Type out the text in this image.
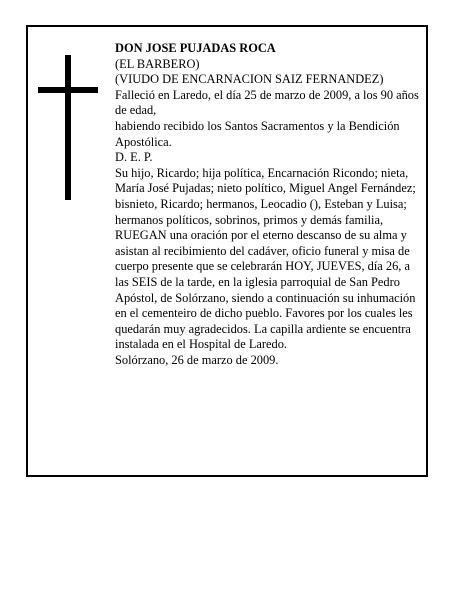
DON JOSE PUJADAS ROCA

(EL BARBERO)

(VIUDO DE ENCARNACION SAIZ FERNANDEZ)

Falleció en Laredo, el día 25 de marzo de 2009, a los 90 años de edad,

habiendo recibido los Santos Sacramentos y la Bendición Apostólica.

D. E. P.

Su hijo, Ricardo; hija política, Encarnación Ricondo; nieta, María José Pujadas; nieto político, Miguel Angel Fernández; bisnieto, Ricardo; hermanos, Leocadio (), Esteban y Luisa; hermanos políticos, sobrinos, primos y demás familia,

RUEGAN una oración por el eterno descanso de su alma y asistan al recibimiento del cadáver, oficio funeral y misa de cuerpo presente que se celebrarán HOY, JUEVES, día 26, a las SEIS de la tarde, en la iglesia parroquial de San Pedro Apóstol, de Solórzano, siendo a continuación su inhumación en el cementeiro de dicho pueblo. Favores por los cuales les quedarán muy agradecidos. La capilla ardiente se encuentra instalada en el Hospital de Laredo.

Solórzano, 26 de marzo de 2009.
